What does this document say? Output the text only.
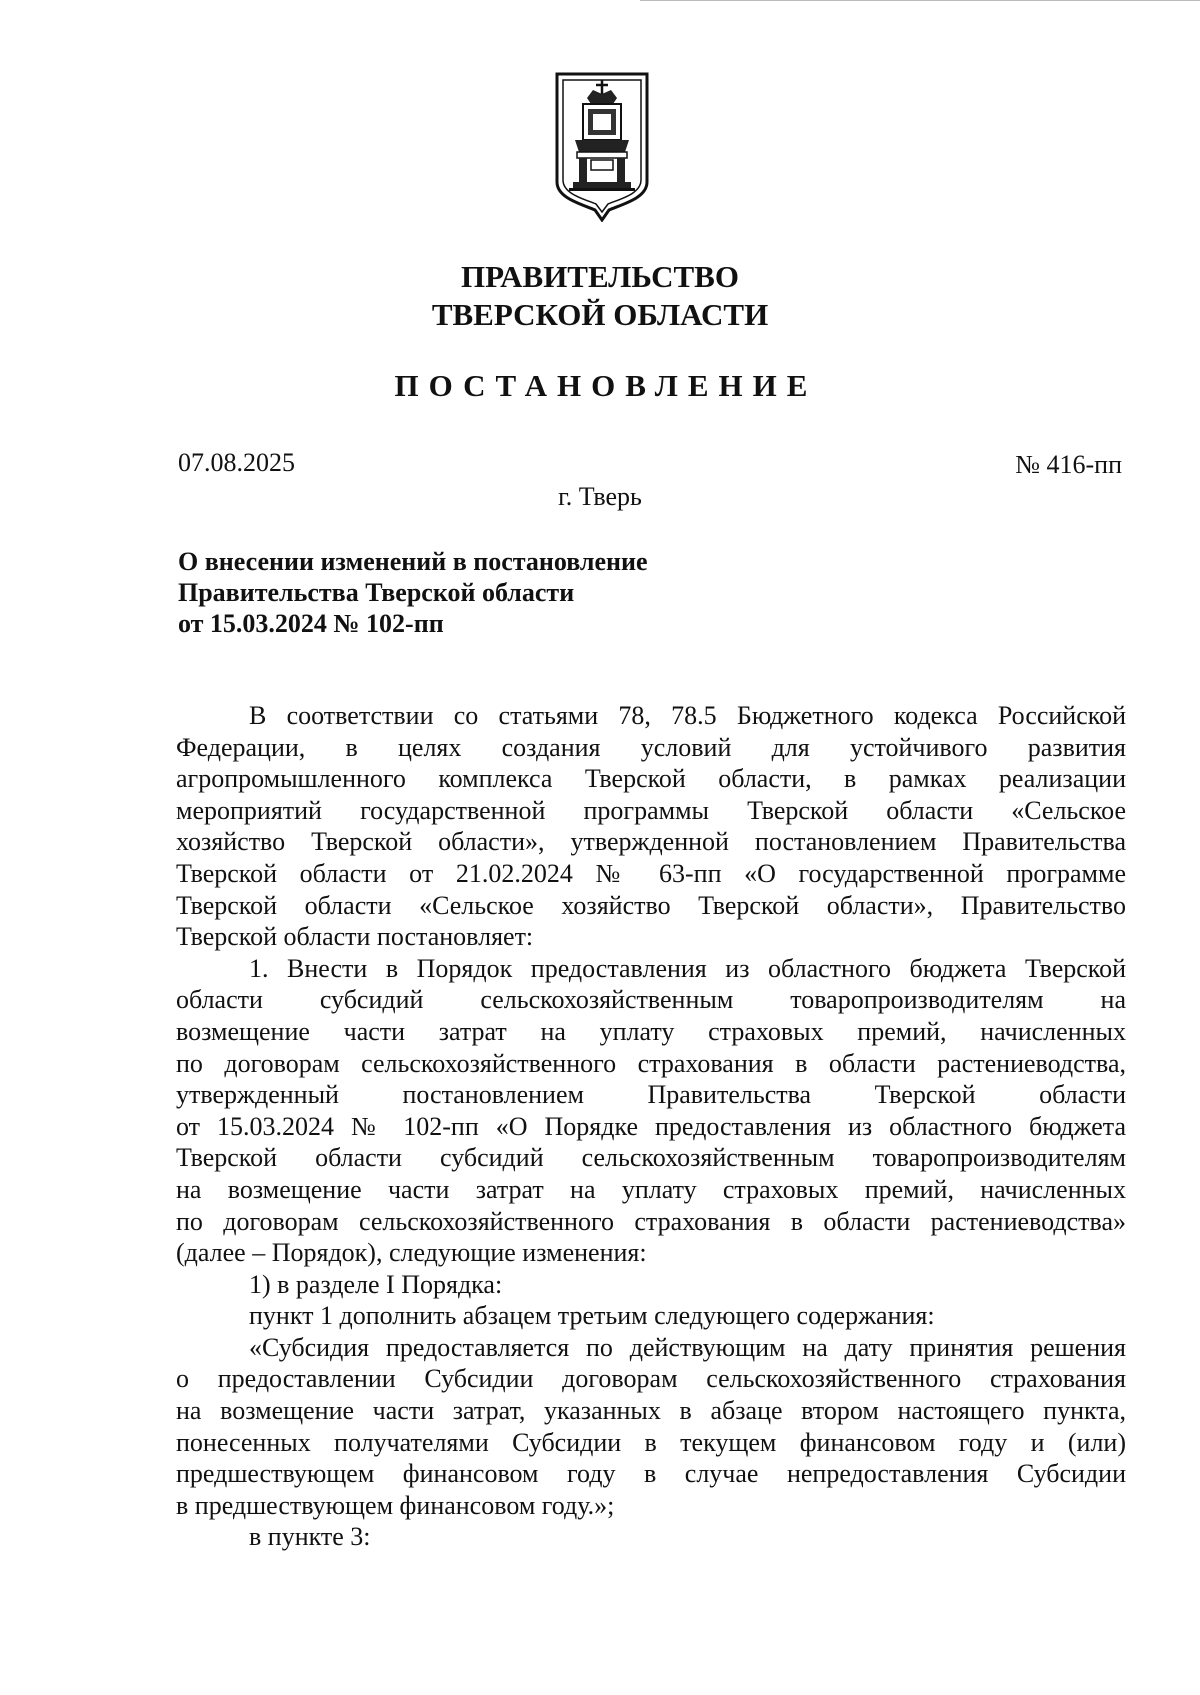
ПРАВИТЕЛЬСТВО
ТВЕРСКОЙ ОБЛАСТИ
ПОСТАНОВЛЕНИЕ
07.08.2025	№ 416-пп
г. Тверь
О внесении изменений в постановление
Правительства Тверской области
от 15.03.2024 № 102-пп
В соответствии со статьями 78, 78.5 Бюджетного кодекса Российской
Федерации, в целях создания условий для устойчивого развития
агропромышленного комплекса Тверской области, в рамках реализации
мероприятий государственной программы Тверской области «Сельское
хозяйство Тверской области», утвержденной постановлением Правительства
Тверской области от 21.02.2024 № 63-пп «О государственной программе
Тверской области «Сельское хозяйство Тверской области», Правительство
Тверской области постановляет:
1. Внести в Порядок предоставления из областного бюджета Тверской
области субсидий сельскохозяйственным товаропроизводителям на
возмещение части затрат на уплату страховых премий, начисленных
по договорам сельскохозяйственного страхования в области растениеводства,
утвержденный постановлением Правительства Тверской области
от 15.03.2024 № 102-пп «О Порядке предоставления из областного бюджета
Тверской области субсидий сельскохозяйственным товаропроизводителям
на возмещение части затрат на уплату страховых премий, начисленных
по договорам сельскохозяйственного страхования в области растениеводства»
(далее – Порядок), следующие изменения:
1) в разделе I Порядка:
пункт 1 дополнить абзацем третьим следующего содержания:
«Субсидия предоставляется по действующим на дату принятия решения
о предоставлении Субсидии договорам сельскохозяйственного страхования
на возмещение части затрат, указанных в абзаце втором настоящего пункта,
понесенных получателями Субсидии в текущем финансовом году и (или)
предшествующем финансовом году в случае непредоставления Субсидии
в предшествующем финансовом году.»;
в пункте 3:
